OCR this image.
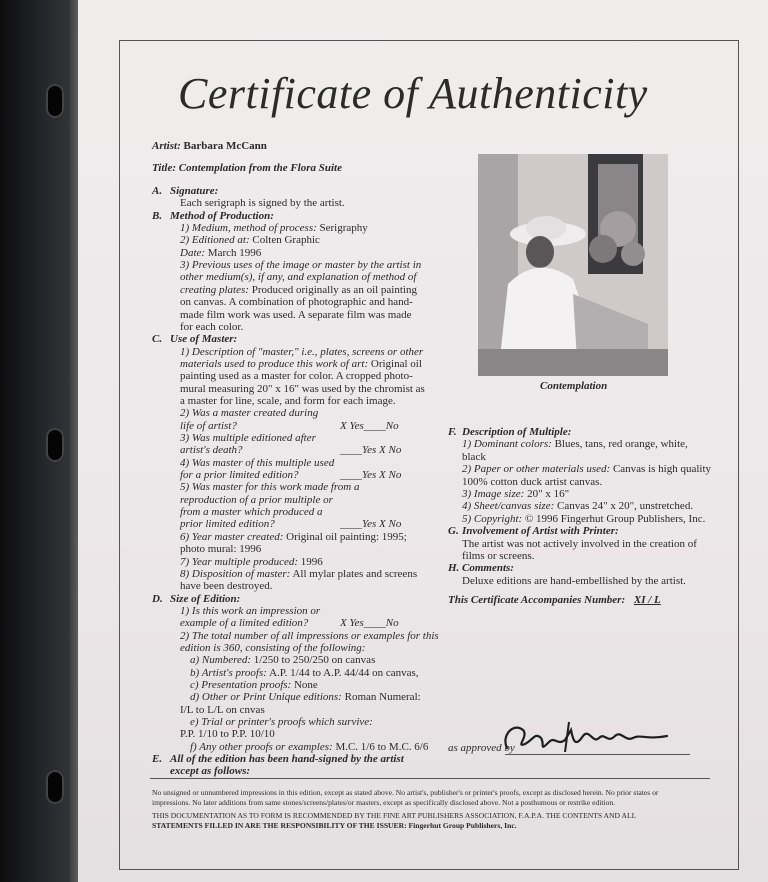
Certificate of Authenticity
Artist: Barbara McCann
Title: Contemplation from the Flora Suite
A. Signature:
Each serigraph is signed by the artist.
B. Method of Production:
1) Medium, method of process: Serigraphy
2) Editioned at: Colten Graphic
Date: March 1996
3) Previous uses of the image or master by the artist in
other medium(s), if any, and explanation of method of
creating plates: Produced originally as an oil painting
on canvas. A combination of photographic and hand-
made film work was used. A separate film was made
for each color.
C. Use of Master:
1) Description of "master," i.e., plates, screens or other
materials used to produce this work of art: Original oil
painting used as a master for color. A cropped photo-
mural measuring 20" x 16" was used by the chromist as
a master for line, scale, and form for each image.
2) Was a master created during
life of artist?	X Yes____No
3) Was multiple editioned after
artist's death?	____Yes X No
4) Was master of this multiple used
for a prior limited edition?	____Yes X No
5) Was master for this work made from a
reproduction of a prior multiple or
from a master which produced a
prior limited edition?	____Yes X No
6) Year master created: Original oil painting: 1995;
photo mural: 1996
7) Year multiple produced: 1996
8) Disposition of master: All mylar plates and screens
have been destroyed.
D. Size of Edition:
1) Is this work an impression or
example of a limited edition?	X Yes____No
2) The total number of all impressions or examples for this
edition is 360, consisting of the following:
a) Numbered: 1/250 to 250/250 on canvas
b) Artist's proofs: A.P. 1/44 to A.P. 44/44 on canvas,
c) Presentation proofs: None
d) Other or Print Unique editions: Roman Numeral:
I/L to L/L on cnvas
e) Trial or printer's proofs which survive:
P.P. 1/10 to P.P. 10/10
f) Any other proofs or examples: M.C. 1/6 to M.C. 6/6
E. All of the edition has been hand-signed by the artist
except as follows:
F. Description of Multiple:
1) Dominant colors: Blues, tans, red orange, white,
black
2) Paper or other materials used: Canvas is high quality
100% cotton duck artist canvas.
3) Image size: 20" x 16"
4) Sheet/canvas size: Canvas 24" x 20", unstretched.
5) Copyright: © 1996 Fingerhut Group Publishers, Inc.
G. Involvement of Artist with Printer:
The artist was not actively involved in the creation of
films or screens.
H. Comments:
Deluxe editions are hand-embellished by the artist.
Contemplation
This Certificate Accompanies Number: XI / L
as approved by
No unsigned or unnumbered impressions in this edition, except as stated above. No artist's, publisher's or printer's proofs, except as disclosed herein. No prior states or
impressions. No later additions from same stones/screens/plates/or masters, except as specifically disclosed above. Not a posthumous or restrike edition.
THIS DOCUMENTATION AS TO FORM IS RECOMMENDED BY THE FINE ART PUBLISHERS ASSOCIATION, F.A.P.A. THE CONTENTS AND ALL
STATEMENTS FILLED IN ARE THE RESPONSIBILITY OF THE ISSUER: Fingerhut Group Publishers, Inc.
